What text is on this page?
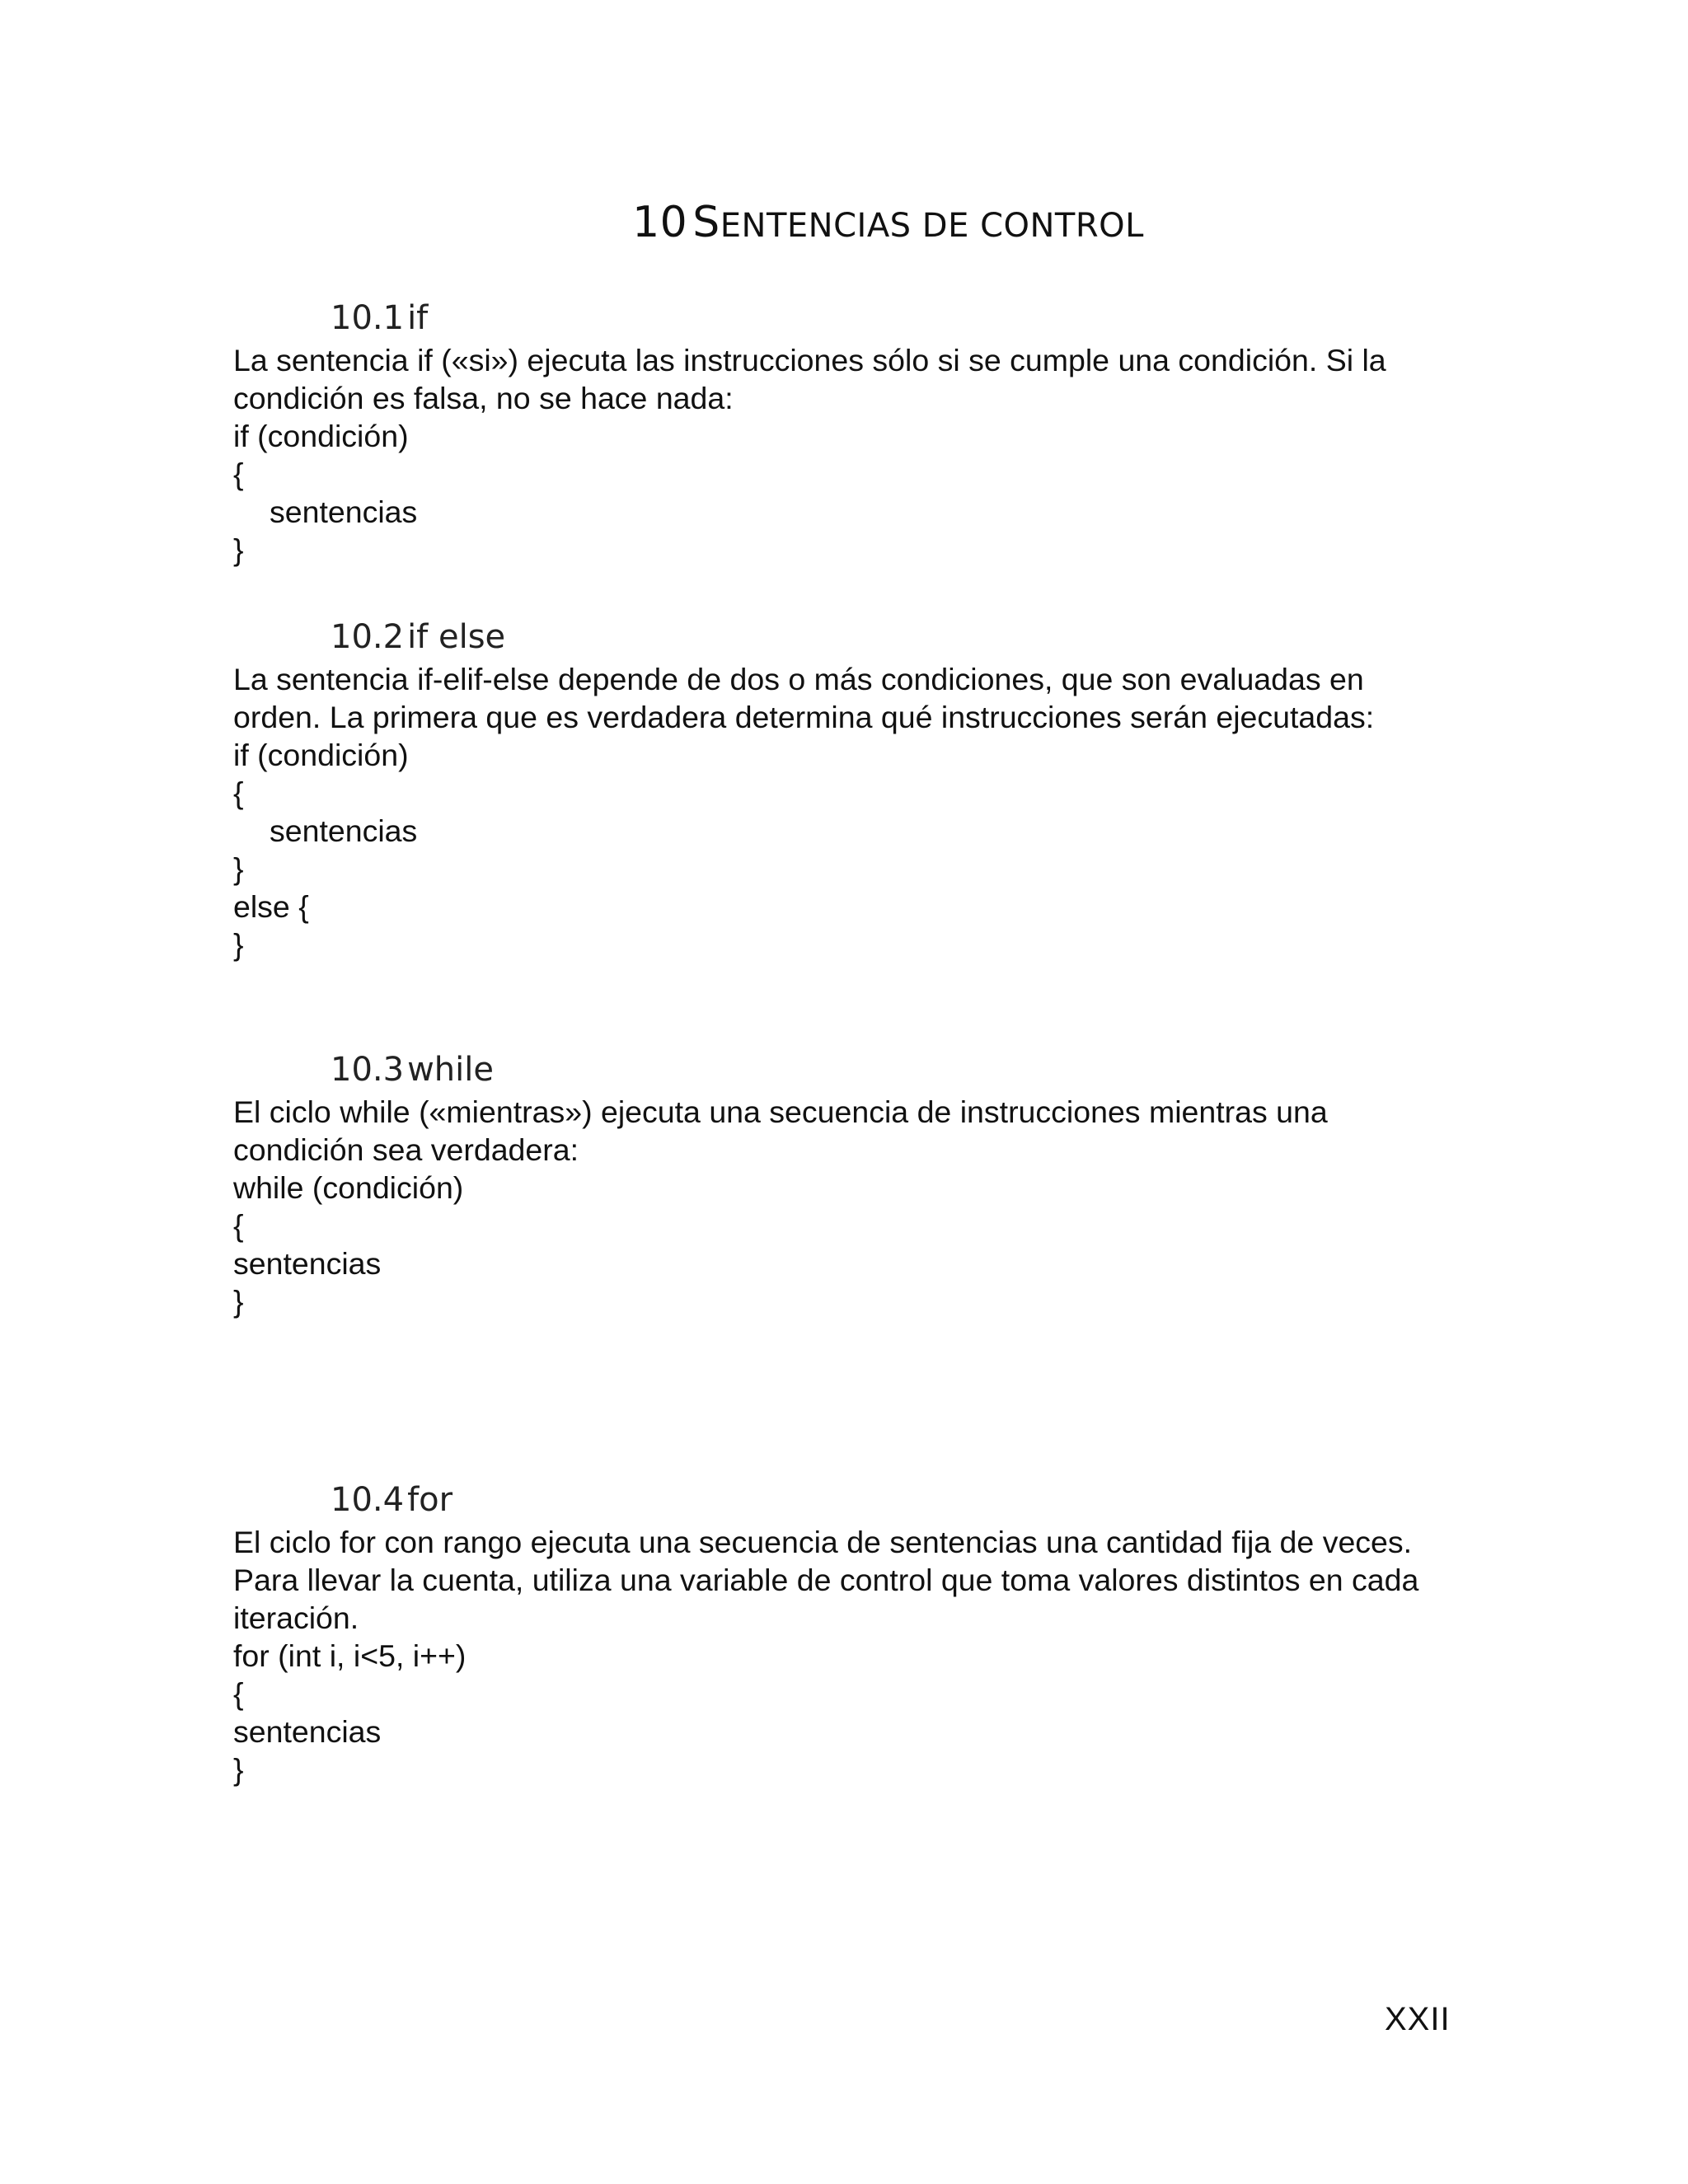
10 SENTENCIAS DE CONTROL
10.1 if

La sentencia if («si») ejecuta las instrucciones sólo si se cumple una condición. Si la condición es falsa, no se hace nada:

if (condición)
{
sentencias
}
10.2 if else

La sentencia if-elif-else depende de dos o más condiciones, que son evaluadas en orden. La primera que es verdadera determina qué instrucciones serán ejecutadas:

if (condición)
{
sentencias
}
else {
}
10.3 while

El ciclo while («mientras») ejecuta una secuencia de instrucciones mientras una condición sea verdadera:

while (condición)
{
sentencias
}
10.4 for

El ciclo for con rango ejecuta una secuencia de sentencias una cantidad fija de veces.

Para llevar la cuenta, utiliza una variable de control que toma valores distintos en cada iteración.

for (int i, i<5, i++)
{
sentencias
}
XXII
